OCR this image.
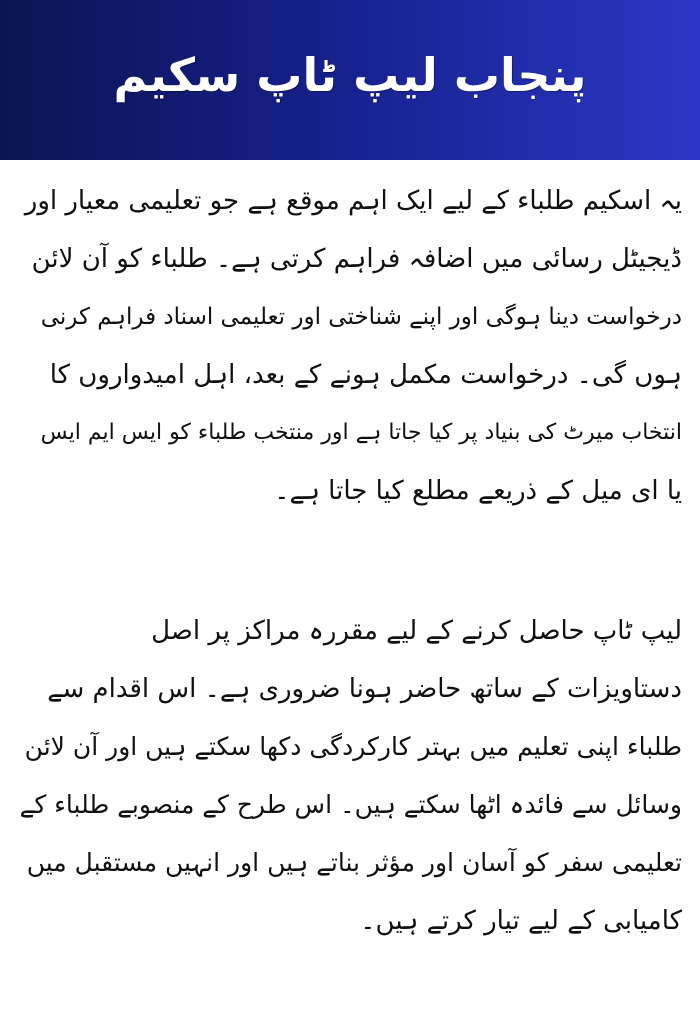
پنجاب لیپ ٹاپ سکیم
یہ اسکیم طلباء کے لیے ایک اہم موقع ہے جو تعلیمی معیار اور
ڈیجیٹل رسائی میں اضافہ فراہم کرتی ہے۔ طلباء کو آن لائن
درخواست دینا ہوگی اور اپنے شناختی اور تعلیمی اسناد فراہم کرنی
ہوں گی۔ درخواست مکمل ہونے کے بعد، اہل امیدواروں کا
انتخاب میرٹ کی بنیاد پر کیا جاتا ہے اور منتخب طلباء کو ایس ایم ایس
یا ای میل کے ذریعے مطلع کیا جاتا ہے۔
لیپ ٹاپ حاصل کرنے کے لیے مقررہ مراکز پر اصل
دستاویزات کے ساتھ حاضر ہونا ضروری ہے۔ اس اقدام سے
طلباء اپنی تعلیم میں بہتر کارکردگی دکھا سکتے ہیں اور آن لائن
وسائل سے فائدہ اٹھا سکتے ہیں۔ اس طرح کے منصوبے طلباء کے
تعلیمی سفر کو آسان اور مؤثر بناتے ہیں اور انہیں مستقبل میں
کامیابی کے لیے تیار کرتے ہیں۔
